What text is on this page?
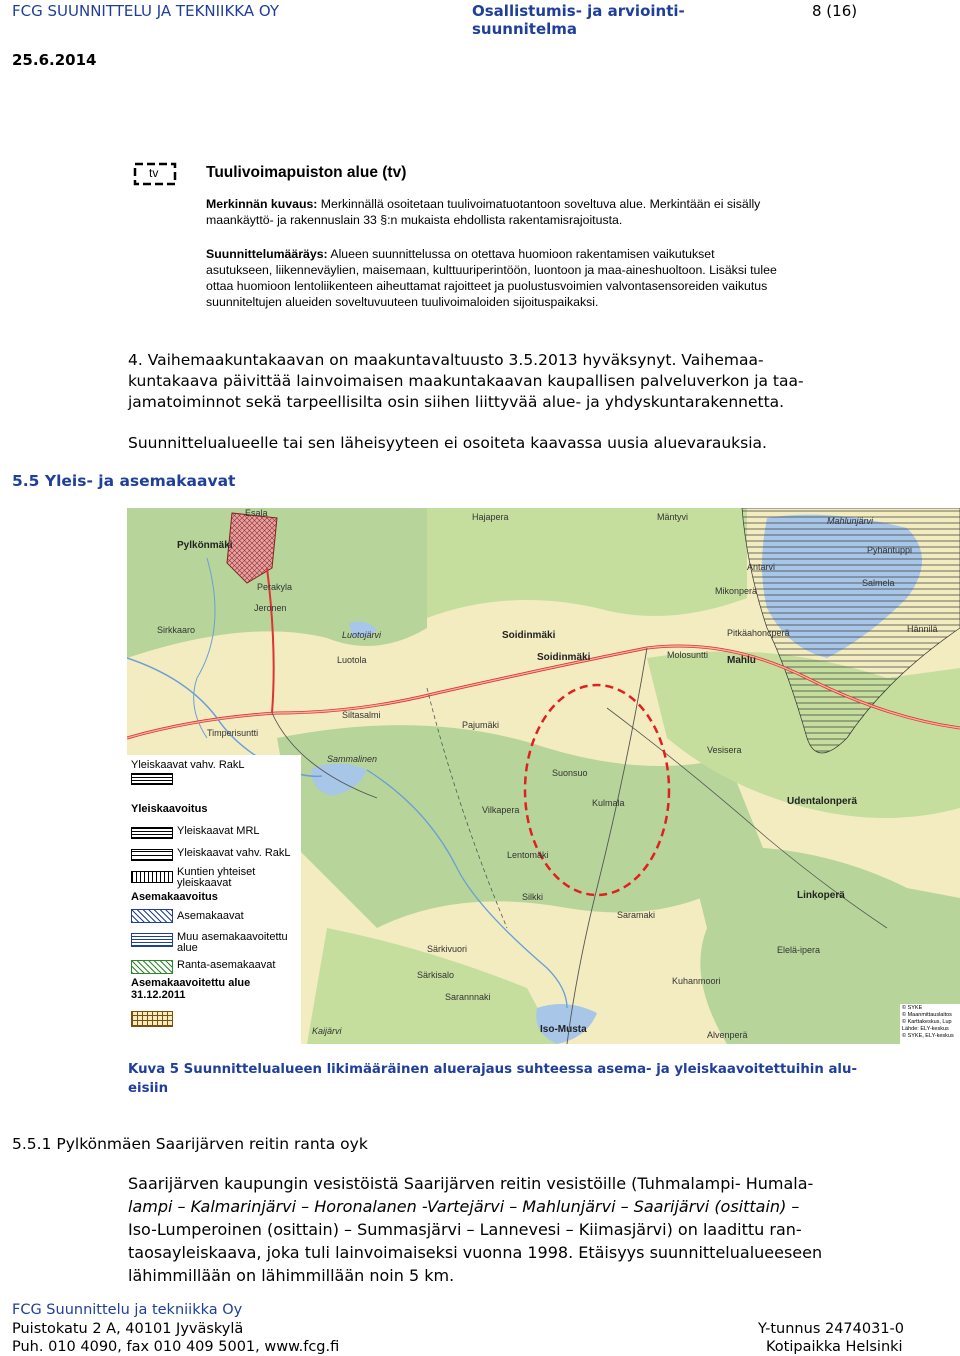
FCG SUUNNITTELU JA TEKNIIKKA OY	Osallistumis- ja arviointi-
suunnitelma
8 (16)
25.6.2014
tv	Tuulivoimapuiston alue (tv)
Merkinnän kuvaus: Merkinnällä osoitetaan tuulivoimatuotantoon soveltuva alue. Merkintään ei sisälly
maankäyttö- ja rakennuslain 33 §:n mukaista ehdollista rakentamisrajoitusta.
Suunnittelumääräys: Alueen suunnittelussa on otettava huomioon rakentamisen vaikutukset
asutukseen, liikenneväylien, maisemaan, kulttuuriperintöön, luontoon ja maa-aineshuoltoon. Lisäksi tulee
ottaa huomioon lentoliikenteen aiheuttamat rajoitteet ja puolustusvoimien valvontasensoreiden vaikutus
suunniteltujen alueiden soveltuvuuteen tuulivoimaloiden sijoituspaikaksi.
4. Vaihemaakuntakaavan on maakuntavaltuusto 3.5.2013 hyväksynyt. Vaihemaa-
kuntakaava päivittää lainvoimaisen maakuntakaavan kaupallisen palveluverkon ja taa-
jamatoiminnot sekä tarpeellisilta osin siihen liittyvää alue- ja yhdyskuntarakennetta.
Suunnittelualueelle tai sen läheisyyteen ei osoiteta kaavassa uusia aluevarauksia.
5.5 Yleis- ja asemakaavat
Pylkönmäki
Esala	Hajapera	Mäntyvi	Mahlunjärvi
Pyhäntuppi
Perakyla
Jeronen
Mikonperä
Salmela
Hännilä
Sirkkaaro	Soidinmäki	Pitkäahoncperä
Luotojärvi
Soidinmäki	Molosuntti Mahlu
Luotola
Timperisuntti
Pajumäki
Siltasalmi
Sammalinen
Vesisera
Suonsuo
Kulmala	Udentalonperä
Vilkapera
Lentomäki
Silkki
Saramaki
Särkivuori
Särkisalo
Sarannnaki
Linkoperä
Kuhanmoori
Elelä-ipera
Kaijärvi	Iso-Musta	Alvenperä
Antarvi
Yleiskaavat vahv. RakL
Yleiskaavoitus
Yleiskaavat MRL
Yleiskaavat vahv. RakL
Kuntien yhteiset yleiskaavat
Asemakaavoitus
Asemakaavat
Muu asemakaavoitettu alue
Ranta-asemakaavat
Asemakaavoitettu alue 31.12.2011
© SYKE
© Maanmittauslaitos
© Karttakeskus, Lup
Lähde: ELY-keskus
© SYKE, ELY-keskus
Kuva 5 Suunnittelualueen likimääräinen aluerajaus suhteessa asema- ja yleiskaavoitettuihin alu-
eisiin
5.5.1 Pylkönmäen Saarijärven reitin ranta oyk
Saarijärven kaupungin vesistöistä Saarijärven reitin vesistöille (Tuhmalampi- Humala-
lampi – Kalmarinjärvi – Horonalanen -Vartejärvi – Mahlunjärvi – Saarijärvi (osittain) –
Iso-Lumperoinen (osittain) – Summasjärvi – Lannevesi – Kiimasjärvi) on laadittu ran-
taosayleiskaava, joka tuli lainvoimaiseksi vuonna 1998. Etäisyys suunnittelualueeseen
lähimmillään on lähimmillään noin 5 km.
FCG Suunnittelu ja tekniikka Oy
Puistokatu 2 A, 40101 Jyväskylä
Puh. 010 4090, fax 010 409 5001, www.fcg.fi
Y-tunnus 2474031-0
Kotipaikka Helsinki
